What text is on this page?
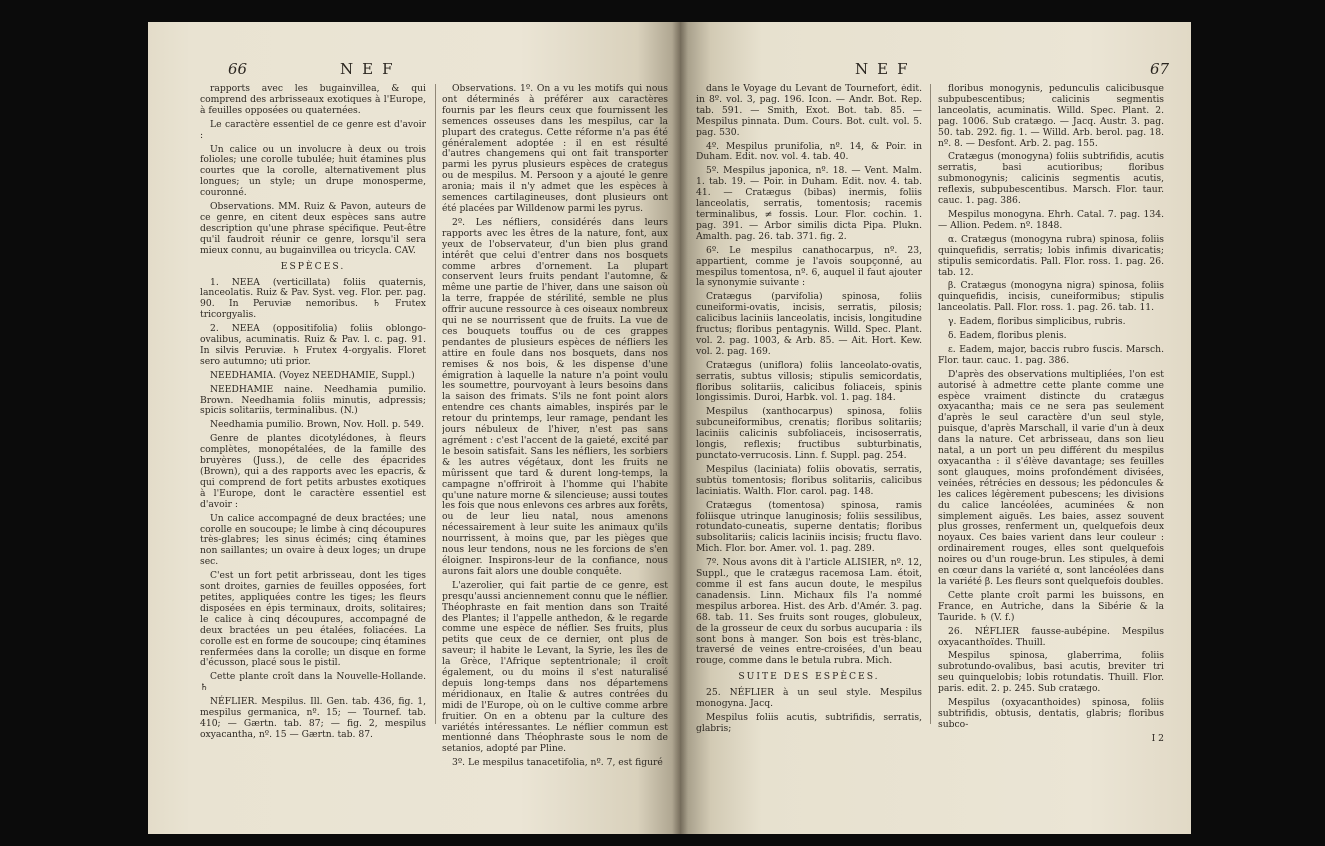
66	NEF

rapports avec les bugainvillea, & qui comprend des arbrisseaux exotiques à l'Europe, à feuilles opposées ou quaternées.

Le caractère essentiel de ce genre est d'avoir :

Un calice ou un involucre à deux ou trois folioles; une corolle tubulée; huit étamines plus courtes que la corolle, alternativement plus longues; un style; un drupe monosperme, couronné.

Observations. MM. Ruiz & Pavon, auteurs de ce genre, en citent deux espèces sans autre description qu'une phrase spécifique. Peut-être qu'il faudroit réunir ce genre, lorsqu'il sera mieux connu, au bugainvillea ou tricycla. CAV.

ESPÈCES.

1. NEEA (verticillata) foliis quaternis, lanceolatis. Ruiz & Pav. Syst. veg. Flor. per. pag. 90. In Peruviæ nemoribus. ♄ Frutex tricorgyalis.

2. NEEA (oppositifolia) foliis oblongo-ovalibus, acuminatis. Ruiz & Pav. l. c. pag. 91. In silvis Peruviæ. ♄ Frutex 4-orgyalis. Floret sero autumno; uti prior.

NEEDHAMIA. (Voyez NEEDHAMIE, Suppl.)

NEEDHAMIE naine. Needhamia pumilio. Brown. Needhamia foliis minutis, adpressis; spicis solitariis, terminalibus. (N.)

Needhamia pumilio. Brown, Nov. Holl. p. 549.

Genre de plantes dicotylédones, à fleurs complètes, monopétalées, de la famille des bruyères (Juss.), de celle des épacrides (Brown), qui a des rapports avec les epacris, & qui comprend de fort petits arbustes exotiques à l'Europe, dont le caractère essentiel est d'avoir :

Un calice accompagné de deux bractées; une corolle en soucoupe; le limbe à cinq découpures très-glabres; les sinus écimés; cinq étamines non saillantes; un ovaire à deux loges; un drupe sec.

C'est un fort petit arbrisseau, dont les tiges sont droites, garnies de feuilles opposées, fort petites, appliquées contre les tiges; les fleurs disposées en épis terminaux, droits, solitaires; le calice à cinq découpures, accompagné de deux bractées un peu étalées, foliacées. La corolle est en forme de soucoupe; cinq étamines renfermées dans la corolle; un disque en forme d'écusson, placé sous le pistil.

Cette plante croît dans la Nouvelle-Hollande. ♄

NÉFLIER. Mespilus. Ill. Gen. tab. 436, fig. 1, mespilus germanica, nº. 15; — Tournef. tab. 410; — Gærtn. tab. 87; — fig. 2, mespilus oxyacantha, nº. 15 — Gærtn. tab. 87.

Observations. 1º. On a vu les motifs qui nous ont déterminés à préférer aux caractères fournis par les fleurs ceux que fournissent les semences osseuses dans les mespilus, car la plupart des crategus. Cette réforme n'a pas été généralement adoptée : il en est résulté d'autres changemens qui ont fait transporter parmi les pyrus plusieurs espèces de crategus ou de mespilus. M. Persoon y a ajouté le genre aronia; mais il n'y admet que les espèces à semences cartilagineuses, dont plusieurs ont été placées par Willdenow parmi les pyrus.

2º. Les néfliers, considérés dans leurs rapports avec les êtres de la nature, font, aux yeux de l'observateur, d'un bien plus grand intérêt que celui d'entrer dans nos bosquets comme arbres d'ornement. La plupart conservent leurs fruits pendant l'automne, & même une partie de l'hiver, dans une saison où la terre, frappée de stérilité, semble ne plus offrir aucune ressource à ces oiseaux nombreux qui ne se nourrissent que de fruits. La vue de ces bouquets touffus ou de ces grappes pendantes de plusieurs espèces de néfliers les attire en foule dans nos bosquets, dans nos remises & nos bois, & les dispense d'une émigration à laquelle la nature n'a point voulu les soumettre, pourvoyant à leurs besoins dans la saison des frimats. S'ils ne font point alors entendre ces chants aimables, inspirés par le retour du printemps, leur ramage, pendant les jours nébuleux de l'hiver, n'est pas sans agrément : c'est l'accent de la gaieté, excité par le besoin satisfait. Sans les néfliers, les sorbiers & les autres végétaux, dont les fruits ne mûrissent que tard & durent long-temps, la campagne n'offriroit à l'homme qui l'habite qu'une nature morne & silencieuse; aussi toutes les fois que nous enlevons ces arbres aux forêts, ou de leur lieu natal, nous amenons nécessairement à leur suite les animaux qu'ils nourrissent, à moins que, par les pièges que nous leur tendons, nous ne les forcions de s'en éloigner. Inspirons-leur de la confiance, nous aurons fait alors une double conquête.

L'azerolier, qui fait partie de ce genre, est presqu'aussi anciennement connu que le néflier. Théophraste en fait mention dans son Traité des Plantes; il l'appelle anthedon, & le regarde comme une espèce de néflier. Ses fruits, plus petits que ceux de ce dernier, ont plus de saveur; il habite le Levant, la Syrie, les îles de la Grèce, l'Afrique septentrionale; il croît également, ou du moins il s'est naturalisé depuis long-temps dans nos départemens méridionaux, en Italie & autres contrées du midi de l'Europe, où on le cultive comme arbre fruitier. On en a obtenu par la culture des variétés intéressantes. Le néflier commun est mentionné dans Théophraste sous le nom de setanios, adopté par Pline.

3º. Le mespilus tanacetifolia, nº. 7, est figuré

NEF	67

dans le Voyage du Levant de Tournefort, édit. in 8º. vol. 3, pag. 196. Icon. — Andr. Bot. Rep. tab. 591. — Smith, Exot. Bot. tab. 85. — Mespilus pinnata. Dum. Cours. Bot. cult. vol. 5. pag. 530.

4º. Mespilus prunifolia, nº. 14, & Poir. in Duham. Edit. nov. vol. 4. tab. 40.

5º. Mespilus japonica, nº. 18. — Vent. Malm. 1. tab. 19. — Poir. in Duham. Edit. nov. 4. tab. 41. — Cratægus (bibas) inermis, foliis lanceolatis, serratis, tomentosis; racemis terminalibus, ≠ fossis. Lour. Flor. cochin. 1. pag. 391. — Arbor similis dicta Pipa. Plukn. Amalth. pag. 26. tab. 371. fig. 2.

6º. Le mespilus canathocarpus, nº. 23, appartient, comme je l'avois soupçonné, au mespilus tomentosa, nº. 6, auquel il faut ajouter la synonymie suivante :

Cratægus (parvifolia) spinosa, foliis cuneiformi-ovatis, incisis, serratis, pilosis; calicibus laciniis lanceolatis, incisis, longitudine fructus; floribus pentagynis. Willd. Spec. Plant. vol. 2. pag. 1003, & Arb. 85. — Ait. Hort. Kew. vol. 2. pag. 169.

Cratægus (uniflora) foliis lanceolato-ovatis, serratis, subtus villosis; stipulis semicordatis, floribus solitariis, calicibus foliaceis, spinis longissimis. Duroi, Harbk. vol. 1. pag. 184.

Mespilus (xanthocarpus) spinosa, foliis subcuneiformibus, crenatis; floribus solitariis; laciniis calicinis subfoliaceis, incisoserratis, longis, reflexis; fructibus subturbinatis, punctato-verrucosis. Linn. f. Suppl. pag. 254.

Mespilus (laciniata) foliis obovatis, serratis, subtùs tomentosis; floribus solitariis, calicibus laciniatis. Walth. Flor. carol. pag. 148.

Cratægus (tomentosa) spinosa, ramis foliisque utrinque lanuginosis; foliis sessilibus, rotundato-cuneatis, superne dentatis; floribus subsolitariis; calicis laciniis incisis; fructu flavo. Mich. Flor. bor. Amer. vol. 1. pag. 289.

7º. Nous avons dit à l'article ALISIER, nº. 12, Suppl., que le cratægus racemosa Lam. étoit, comme il est fans aucun doute, le mespilus canadensis. Linn. Michaux fils l'a nommé mespilus arborea. Hist. des Arb. d'Amér. 3. pag. 68. tab. 11. Ses fruits sont rouges, globuleux, de la grosseur de ceux du sorbus aucuparia : ils sont bons à manger. Son bois est très-blanc, traversé de veines entre-croisées, d'un beau rouge, comme dans le betula rubra. Mich.

SUITE DES ESPÈCES.

25. NÉFLIER à un seul style. Mespilus monogyna. Jacq.

Mespilus foliis acutis, subtrifidis, serratis, glabris;

floribus monogynis, pedunculis calicibusque subpubescentibus; calicinis segmentis lanceolatis, acuminatis. Willd. Spec. Plant. 2. pag. 1006. Sub cratægo. — Jacq. Austr. 3. pag. 50. tab. 292. fig. 1. — Willd. Arb. berol. pag. 18. nº. 8. — Desfont. Arb. 2. pag. 155.

Cratægus (monogyna) foliis subtrifidis, acutis serratis, basi acutioribus; floribus submonogynis; calicinis segmentis acutis, reflexis, subpubescentibus. Marsch. Flor. taur. cauc. 1. pag. 386.

Mespilus monogyna. Ehrh. Catal. 7. pag. 134. — Allion. Pedem. nº. 1848.

α. Cratægus (monogyna rubra) spinosa, foliis quinquefidis, serratis; lobis infimis divaricatis; stipulis semicordatis. Pall. Flor. ross. 1. pag. 26. tab. 12.

β. Cratægus (monogyna nigra) spinosa, foliis quinquefidis, incisis, cuneiformibus; stipulis lanceolatis. Pall. Flor. ross. 1. pag. 26. tab. 11.

γ. Eadem, floribus simplicibus, rubris.

δ. Eadem, floribus plenis.

ε. Eadem, major, baccis rubro fuscis. Marsch. Flor. taur. cauc. 1. pag. 386.

D'après des observations multipliées, l'on est autorisé à admettre cette plante comme une espèce vraiment distincte du cratægus oxyacantha; mais ce ne sera pas seulement d'après le seul caractère d'un seul style, puisque, d'après Marschall, il varie d'un à deux dans la nature. Cet arbrisseau, dans son lieu natal, a un port un peu différent du mespilus oxyacantha : il s'élève davantage; ses feuilles sont glauques, moins profondément divisées, veinées, rétrécies en dessous; les pédoncules & les calices légèrement pubescens; les divisions du calice lancéolées, acuminées & non simplement aiguës. Les baies, assez souvent plus grosses, renferment un, quelquefois deux noyaux. Ces baies varient dans leur couleur : ordinairement rouges, elles sont quelquefois noires ou d'un rouge-brun. Les stipules, à demi en cœur dans la variété α, sont lancéolées dans la variété β. Les fleurs sont quelquefois doubles.

Cette plante croît parmi les buissons, en France, en Autriche, dans la Sibérie & la Tauride. ♄ (V. f.)

26. NÉFLIER fausse-aubépine. Mespilus oxyacanthoïdes. Thuill.

Mespilus spinosa, glaberrima, foliis subrotundo-ovalibus, basi acutis, breviter tri seu quinquelobis; lobis rotundatis. Thuill. Flor. paris. edit. 2. p. 245. Sub cratægo.

Mespilus (oxyacanthoides) spinosa, foliis subtrifidis, obtusis, dentatis, glabris; floribus subco-

I 2
